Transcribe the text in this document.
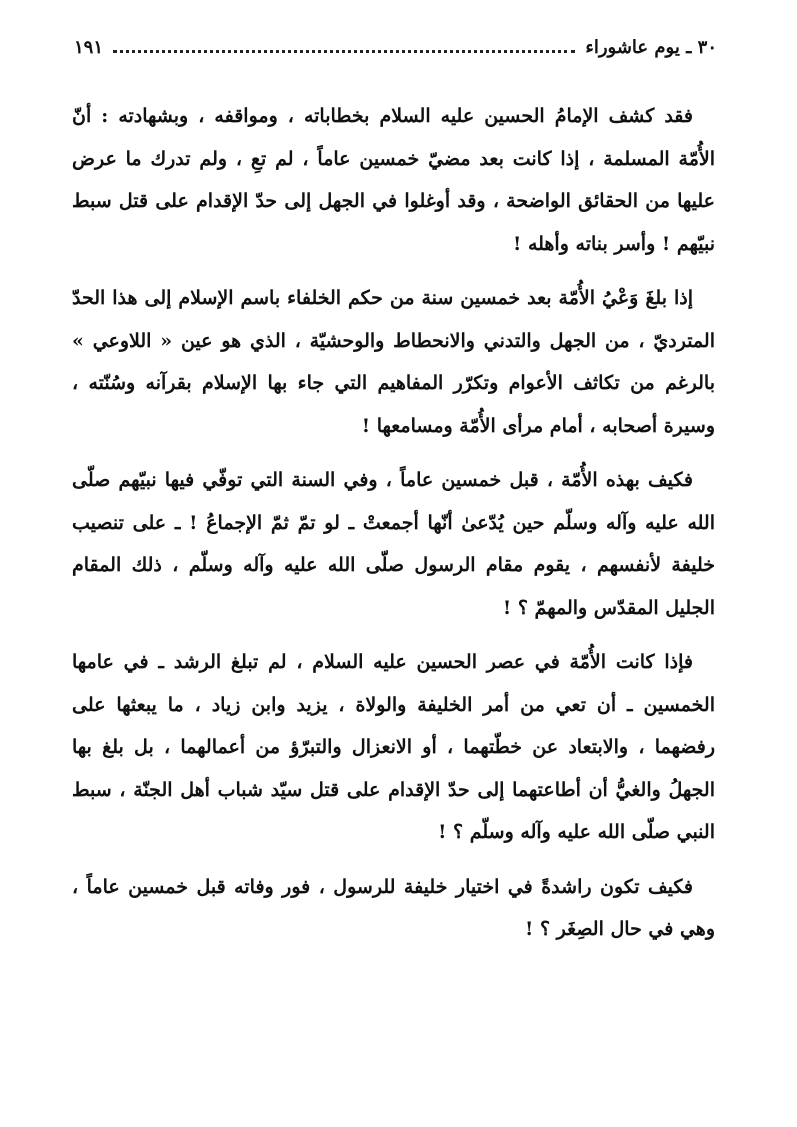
٣٠ ـ يوم عاشوراء
١٩١

فقد كشف الإمامُ الحسين عليه السلام بخطاباته ، ومواقفه ، وبشهادته : أنّ الأُمّة المسلمة ، إذا كانت بعد مضيّ خمسين عاماً ، لم تعِ ، ولم تدرك ما عرض عليها من الحقائق الواضحة ، وقد أوغلوا في الجهل إلى حدّ الإقدام على قتل سبط نبيّهم ! وأسر بناته وأهله !

إذا بلغَ وَعْيُ الأُمّة بعد خمسين سنة من حكم الخلفاء باسم الإسلام إلى هذا الحدّ المترديّ ، من الجهل والتدني والانحطاط والوحشيّة ، الذي هو عين « اللاوعي » بالرغم من تكاثف الأعوام وتكرّر المفاهيم التي جاء بها الإسلام بقرآنه وسُنّته ، وسيرة أصحابه ، أمام مرأى الأُمّة ومسامعها !

فكيف بهذه الأُمّة ، قبل خمسين عاماً ، وفي السنة التي توفّي فيها نبيّهم صلّى الله عليه وآله وسلّم حين يُدّعىٰ أنّها أجمعتْ ـ لو تمّ ثمّ الإجماعُ ! ـ على تنصيب خليفة لأنفسهم ، يقوم مقام الرسول صلّى الله عليه وآله وسلّم ، ذلك المقام الجليل المقدّس والمهمّ ؟ !

فإذا كانت الأُمّة في عصر الحسين عليه السلام ، لم تبلغ الرشد ـ في عامها الخمسين ـ أن تعي من أمر الخليفة والولاة ، يزيد وابن زياد ، ما يبعثها على رفضهما ، والابتعاد عن خطّتهما ، أو الانعزال والتبرّؤ من أعمالهما ، بل بلغ بها الجهلُ والغيُّ أن أطاعتهما إلى حدّ الإقدام على قتل سيّد شباب أهل الجنّة ، سبط النبي صلّى الله عليه وآله وسلّم ؟ !

فكيف تكون راشدةً في اختيار خليفة للرسول ، فور وفاته قبل خمسين عاماً ، وهي في حال الصِغَر ؟ !
